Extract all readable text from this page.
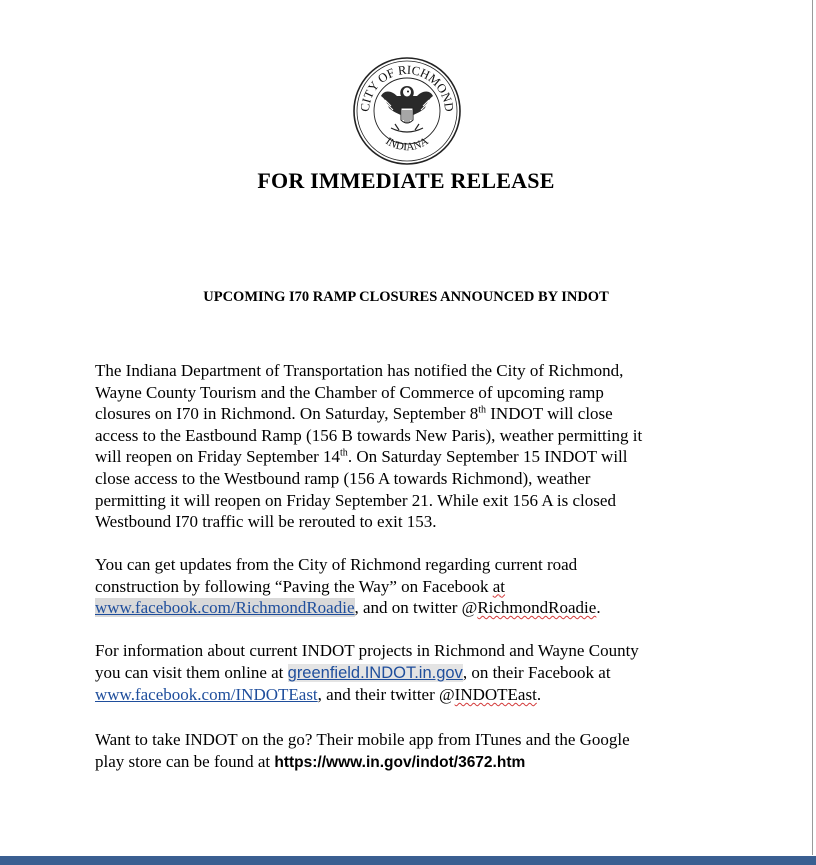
CITY OF RICHMOND
INDIANA
FOR IMMEDIATE RELEASE
UPCOMING I70 RAMP CLOSURES ANNOUNCED BY INDOT
The Indiana Department of Transportation has notified the City of Richmond,
Wayne County Tourism and the Chamber of Commerce of upcoming ramp
closures on I70 in Richmond. On Saturday, September 8th INDOT will close
access to the Eastbound Ramp (156 B towards New Paris), weather permitting it
will reopen on Friday September 14th. On Saturday September 15 INDOT will
close access to the Westbound ramp (156 A towards Richmond), weather
permitting it will reopen on Friday September 21. While exit 156 A is closed
Westbound I70 traffic will be rerouted to exit 153.
You can get updates from the City of Richmond regarding current road
construction by following “Paving the Way” on Facebook at
www.facebook.com/RichmondRoadie, and on twitter @RichmondRoadie.
For information about current INDOT projects in Richmond and Wayne County
you can visit them online at greenfield.INDOT.in.gov, on their Facebook at
www.facebook.com/INDOTEast, and their twitter @INDOTEast.
Want to take INDOT on the go? Their mobile app from ITunes and the Google
play store can be found at https://www.in.gov/indot/3672.htm
